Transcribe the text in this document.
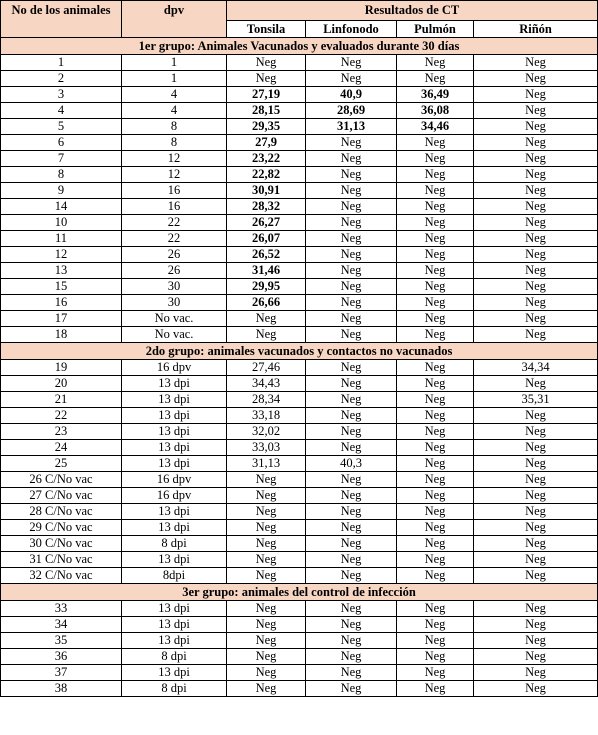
No de los animales	dpv	Resultados de CT			
		Tonsila	Linfonodo	Pulmón	Riñón
1er grupo: Animales Vacunados y evaluados durante 30 días					
1	1	Neg	Neg	Neg	Neg
2	1	Neg	Neg	Neg	Neg
3	4	27,19	40,9	36,49	Neg
4	4	28,15	28,69	36,08	Neg
5	8	29,35	31,13	34,46	Neg
6	8	27,9	Neg	Neg	Neg
7	12	23,22	Neg	Neg	Neg
8	12	22,82	Neg	Neg	Neg
9	16	30,91	Neg	Neg	Neg
14	16	28,32	Neg	Neg	Neg
10	22	26,27	Neg	Neg	Neg
11	22	26,07	Neg	Neg	Neg
12	26	26,52	Neg	Neg	Neg
13	26	31,46	Neg	Neg	Neg
15	30	29,95	Neg	Neg	Neg
16	30	26,66	Neg	Neg	Neg
17	No vac.	Neg	Neg	Neg	Neg
18	No vac.	Neg	Neg	Neg	Neg
2do grupo: animales vacunados y contactos no vacunados					
19	16 dpv	27,46	Neg	Neg	34,34
20	13 dpi	34,43	Neg	Neg	Neg
21	13 dpi	28,34	Neg	Neg	35,31
22	13 dpi	33,18	Neg	Neg	Neg
23	13 dpi	32,02	Neg	Neg	Neg
24	13 dpi	33,03	Neg	Neg	Neg
25	13 dpi	31,13	40,3	Neg	Neg
26 C/No vac	16 dpv	Neg	Neg	Neg	Neg
27 C/No vac	16 dpv	Neg	Neg	Neg	Neg
28 C/No vac	13 dpi	Neg	Neg	Neg	Neg
29 C/No vac	13 dpi	Neg	Neg	Neg	Neg
30 C/No vac	8 dpi	Neg	Neg	Neg	Neg
31 C/No vac	13 dpi	Neg	Neg	Neg	Neg
32 C/No vac	8dpi	Neg	Neg	Neg	Neg
3er grupo: animales del control de infección					
33	13 dpi	Neg	Neg	Neg	Neg
34	13 dpi	Neg	Neg	Neg	Neg
35	13 dpi	Neg	Neg	Neg	Neg
36	8 dpi	Neg	Neg	Neg	Neg
37	13 dpi	Neg	Neg	Neg	Neg
38	8 dpi	Neg	Neg	Neg	Neg
